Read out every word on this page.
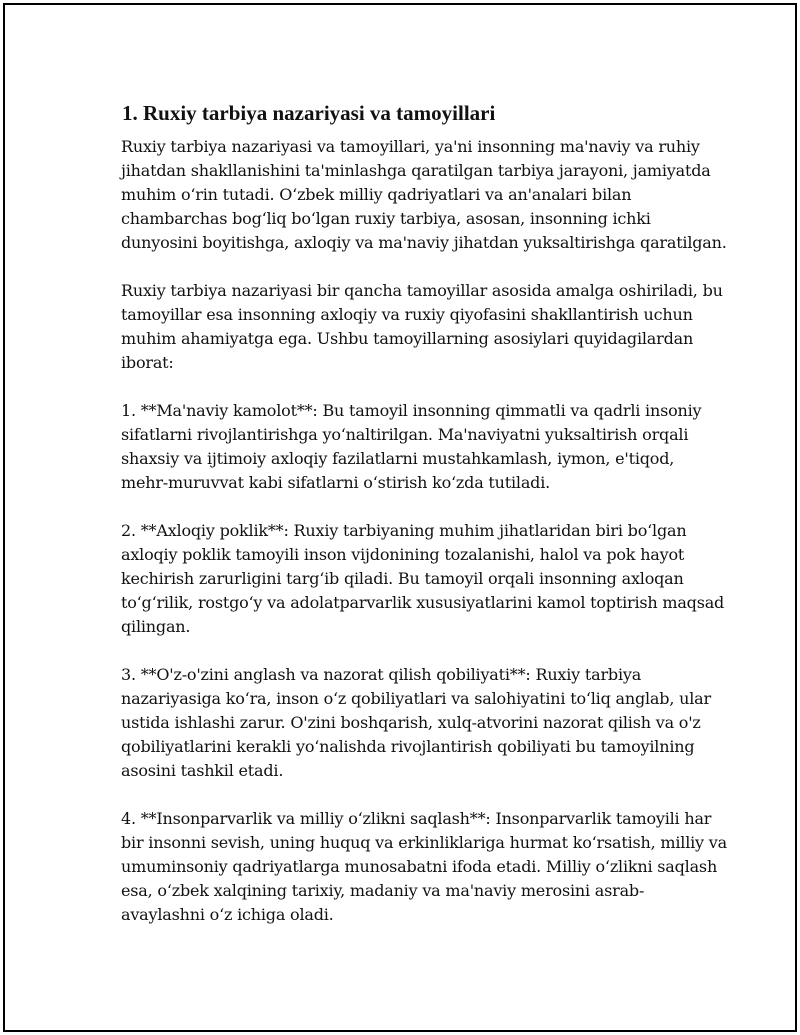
1. Ruxiy tarbiya nazariyasi va tamoyillari

Ruxiy tarbiya nazariyasi va tamoyillari, ya'ni insonning ma'naviy va ruhiy
jihatdan shakllanishini ta'minlashga qaratilgan tarbiya jarayoni, jamiyatda
muhim oʻrin tutadi. Oʻzbek milliy qadriyatlari va an'analari bilan
chambarchas bogʻliq boʻlgan ruxiy tarbiya, asosan, insonning ichki
dunyosini boyitishga, axloqiy va ma'naviy jihatdan yuksaltirishga qaratilgan.

Ruxiy tarbiya nazariyasi bir qancha tamoyillar asosida amalga oshiriladi, bu
tamoyillar esa insonning axloqiy va ruxiy qiyofasini shakllantirish uchun
muhim ahamiyatga ega. Ushbu tamoyillarning asosiylari quyidagilardan
iborat:

1. **Ma'naviy kamolot**: Bu tamoyil insonning qimmatli va qadrli insoniy
sifatlarni rivojlantirishga yoʻnaltirilgan. Ma'naviyatni yuksaltirish orqali
shaxsiy va ijtimoiy axloqiy fazilatlarni mustahkamlash, iymon, e'tiqod,
mehr-muruvvat kabi sifatlarni oʻstirish koʻzda tutiladi.

2. **Axloqiy poklik**: Ruxiy tarbiyaning muhim jihatlaridan biri boʻlgan
axloqiy poklik tamoyili inson vijdonining tozalanishi, halol va pok hayot
kechirish zarurligini targʻib qiladi. Bu tamoyil orqali insonning axloqan
toʻgʻrilik, rostgoʻy va adolatparvarlik xususiyatlarini kamol toptirish maqsad
qilingan.

3. **O'z-o'zini anglash va nazorat qilish qobiliyati**: Ruxiy tarbiya
nazariyasiga koʻra, inson oʻz qobiliyatlari va salohiyatini toʻliq anglab, ular
ustida ishlashi zarur. O'zini boshqarish, xulq-atvorini nazorat qilish va o'z
qobiliyatlarini kerakli yoʻnalishda rivojlantirish qobiliyati bu tamoyilning
asosini tashkil etadi.

4. **Insonparvarlik va milliy oʻzlikni saqlash**: Insonparvarlik tamoyili har
bir insonni sevish, uning huquq va erkinliklariga hurmat koʻrsatish, milliy va
umuminsoniy qadriyatlarga munosabatni ifoda etadi. Milliy oʻzlikni saqlash
esa, oʻzbek xalqining tarixiy, madaniy va ma'naviy merosini asrab-
avaylashni oʻz ichiga oladi.
